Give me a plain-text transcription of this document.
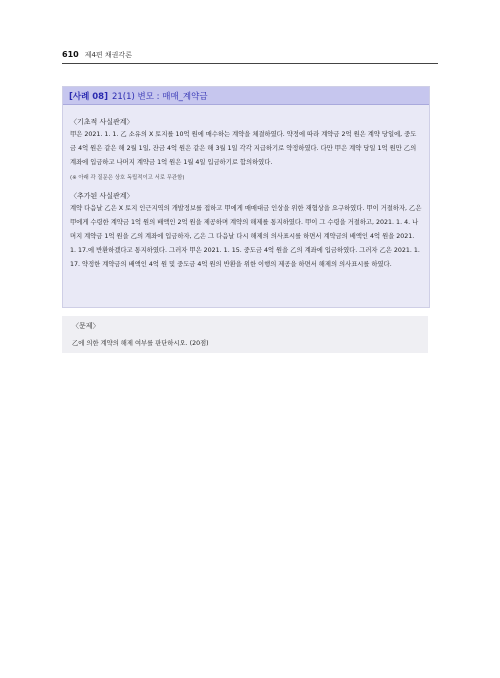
610 제4편 채권각론
[사례 08] 21(1) 변모 : 매매_계약금
〈기초적 사실관계〉

甲은 2021. 1. 1. 乙 소유의 X 토지를 10억 원에 매수하는 계약을 체결하였다. 약정에 따라 계약금 2억 원은 계약 당일에, 중도금 4억 원은 같은 해 2월 1일, 잔금 4억 원은 같은 해 3월 1일 각각 지급하기로 약정하였다. 다만 甲은 계약 당일 1억 원만 乙의 계좌에 입금하고 나머지 계약금 1억 원은 1월 4일 입금하기로 합의하였다.

(※ 아래 각 질문은 상호 독립적이고 서로 무관함)

〈추가된 사실관계〉

계약 다음날 乙은 X 토지 인근지역의 개발정보를 접하고 甲에게 매매대금 인상을 위한 재협상을 요구하였다. 甲이 거절하자, 乙은 甲에게 수령한 계약금 1억 원의 배액인 2억 원을 제공하며 계약의 해제를 통지하였다. 甲이 그 수령을 거절하고, 2021. 1. 4. 나머지 계약금 1억 원을 乙의 계좌에 입금하자, 乙은 그 다음날 다시 해제의 의사표시를 하면서 계약금의 배액인 4억 원을 2021. 1. 17.에 반환하겠다고 통지하였다. 그러자 甲은 2021. 1. 15. 중도금 4억 원을 乙의 계좌에 입금하였다. 그러자 乙은 2021. 1. 17. 약정한 계약금의 배액인 4억 원 및 중도금 4억 원의 반환을 위한 이행의 제공을 하면서 해제의 의사표시를 하였다.

〈문제〉
乙에 의한 계약의 해제 여부를 판단하시오. (20점)
